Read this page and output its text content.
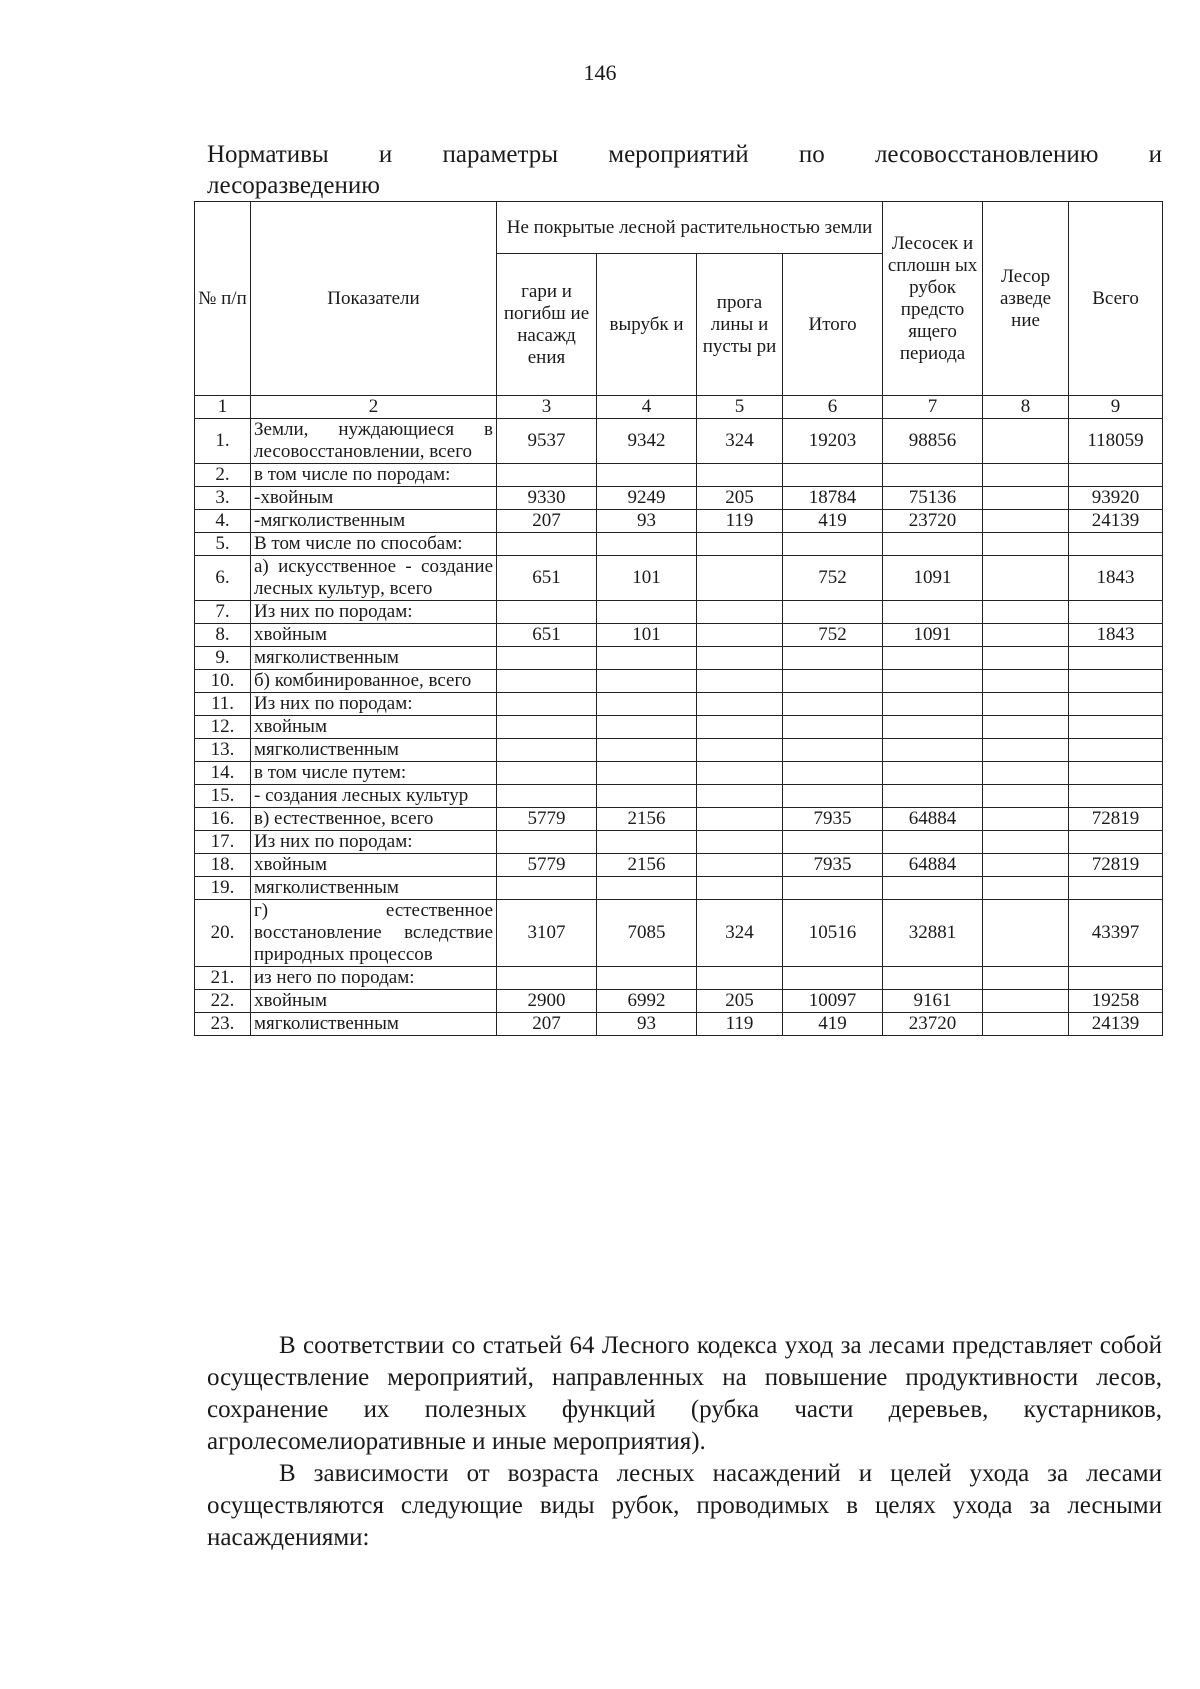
146
Нормативы и параметры мероприятий по лесовосстановлению и
лесоразведению
№ п/п	Показатели	Не покрытые лесной растительностью земли				Лесосек и сплошн ых рубок предсто ящего периода	Лесор азведе ние	Всего
		гари и погибш ие насажд ения	вырубк и	прога лины и пусты ри	Итого			
1	2	3	4	5	6	7	8	9
1.	Земли, нуждающиеся в лесовосстановлении, всего	9537	9342	324	19203	98856		118059
2.	в том числе по породам:							
3.	-хвойным	9330	9249	205	18784	75136		93920
4.	-мягколиственным	207	93	119	419	23720		24139
5.	В том числе по способам:							
6.	а) искусственное - создание лесных культур, всего	651	101		752	1091		1843
7.	Из них по породам:							
8.	хвойным	651	101		752	1091		1843
9.	мягколиственным							
10.	б) комбинированное, всего							
11.	Из них по породам:							
12.	хвойным							
13.	мягколиственным							
14.	в том числе путем:							
15.	- создания лесных культур							
16.	в) естественное, всего	5779	2156		7935	64884		72819
17.	Из них по породам:							
18.	хвойным	5779	2156		7935	64884		72819
19.	мягколиственным							
20.	г) естественное восстановление вследствие природных процессов	3107	7085	324	10516	32881		43397
21.	из него по породам:							
22.	хвойным	2900	6992	205	10097	9161		19258
23.	мягколиственным	207	93	119	419	23720		24139
В соответствии со статьей 64 Лесного кодекса уход за лесами представляет собой осуществление мероприятий, направленных на повышение продуктивности лесов, сохранение их полезных функций (рубка части деревьев, кустарников, агролесомелиоративные и иные мероприятия).
В зависимости от возраста лесных насаждений и целей ухода за лесами осуществляются следующие виды рубок, проводимых в целях ухода за лесными насаждениями:
